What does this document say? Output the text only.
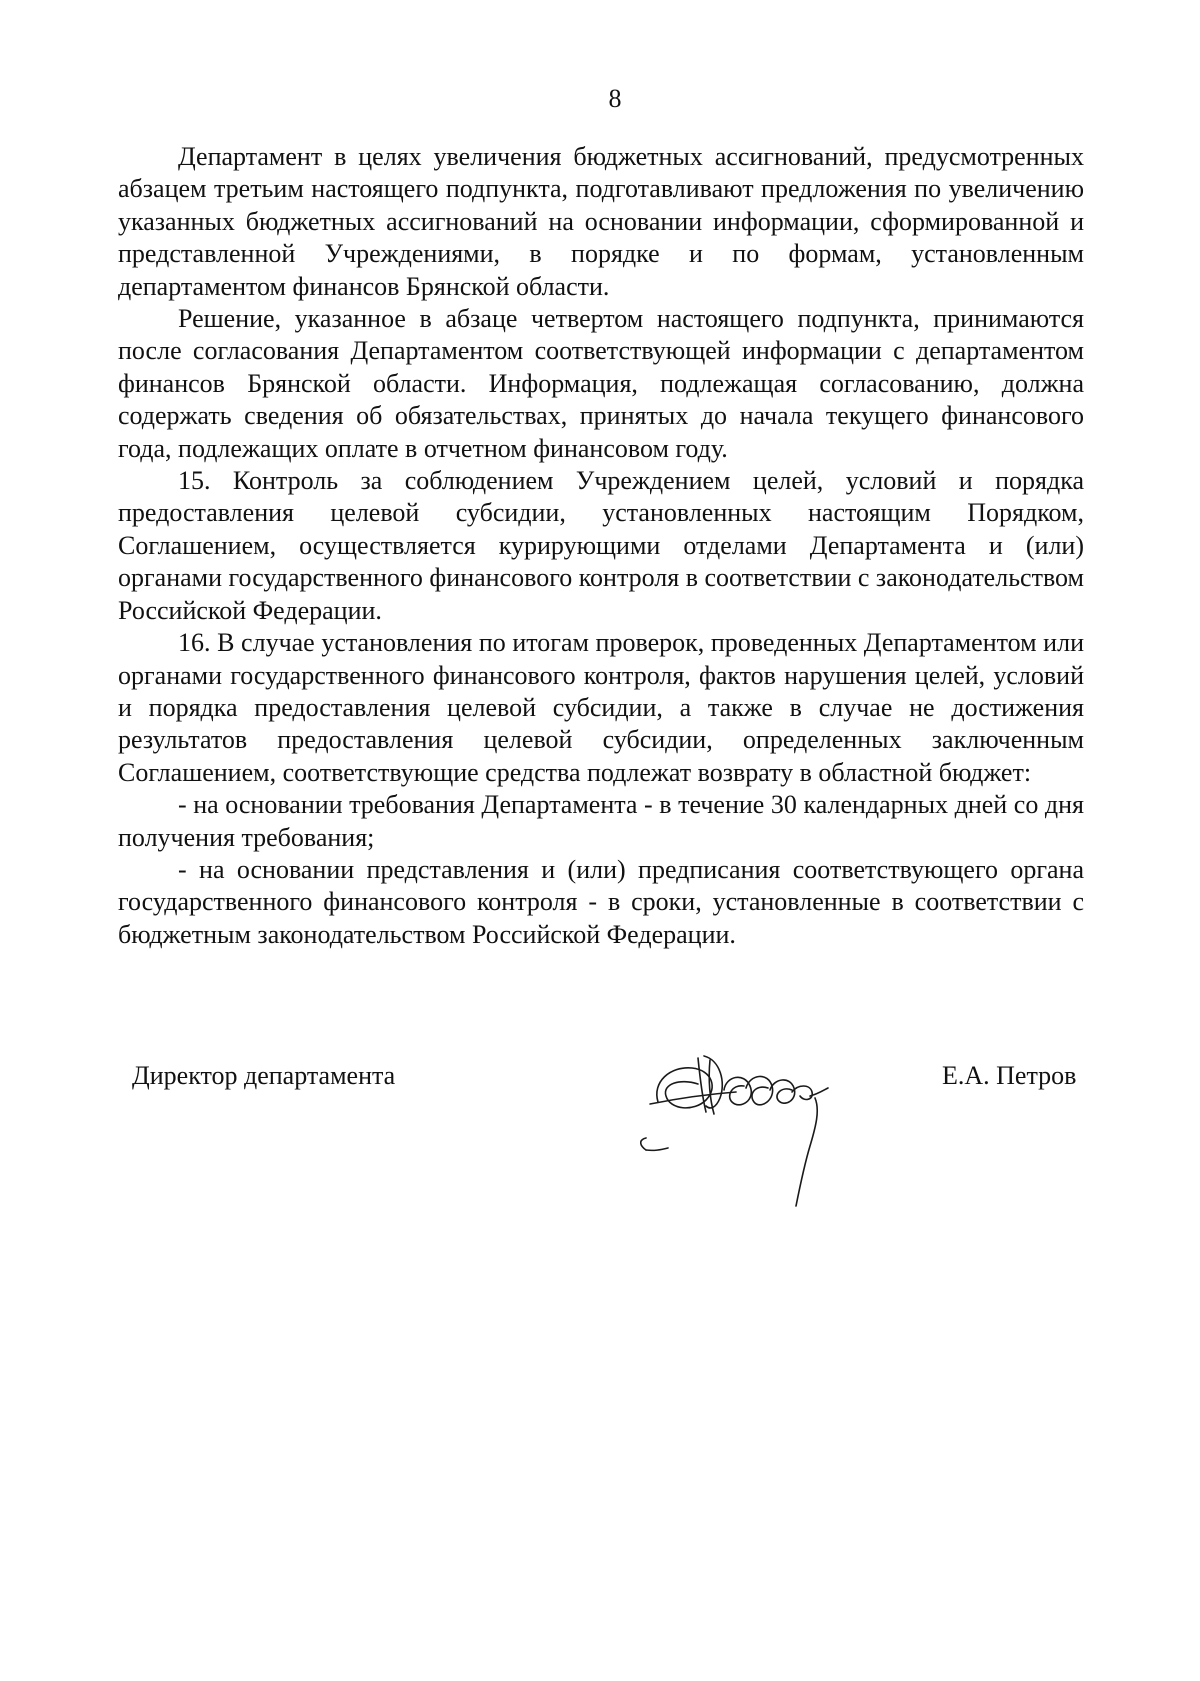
8

Департамент в целях увеличения бюджетных ассигнований, предусмотренных абзацем третьим настоящего подпункта, подготавливают предложения по увеличению указанных бюджетных ассигнований на основании информации, сформированной и представленной Учреждениями, в порядке и по формам, установленным департаментом финансов Брянской области.

Решение, указанное в абзаце четвертом настоящего подпункта, принимаются после согласования Департаментом соответствующей информации с департаментом финансов Брянской области. Информация, подлежащая согласованию, должна содержать сведения об обязательствах, принятых до начала текущего финансового года, подлежащих оплате в отчетном финансовом году.

15. Контроль за соблюдением Учреждением целей, условий и порядка предоставления целевой субсидии, установленных настоящим Порядком, Соглашением, осуществляется курирующими отделами Департамента и (или) органами государственного финансового контроля в соответствии с законодательством Российской Федерации.

16. В случае установления по итогам проверок, проведенных Департаментом или органами государственного финансового контроля, фактов нарушения целей, условий и порядка предоставления целевой субсидии, а также в случае не достижения результатов предоставления целевой субсидии, определенных заключенным Соглашением, соответствующие средства подлежат возврату в областной бюджет:

- на основании требования Департамента - в течение 30 календарных дней со дня получения требования;

- на основании представления и (или) предписания соответствующего органа государственного финансового контроля - в сроки, установленные в соответствии с бюджетным законодательством Российской Федерации.

Директор департамента	Е.А. Петров
